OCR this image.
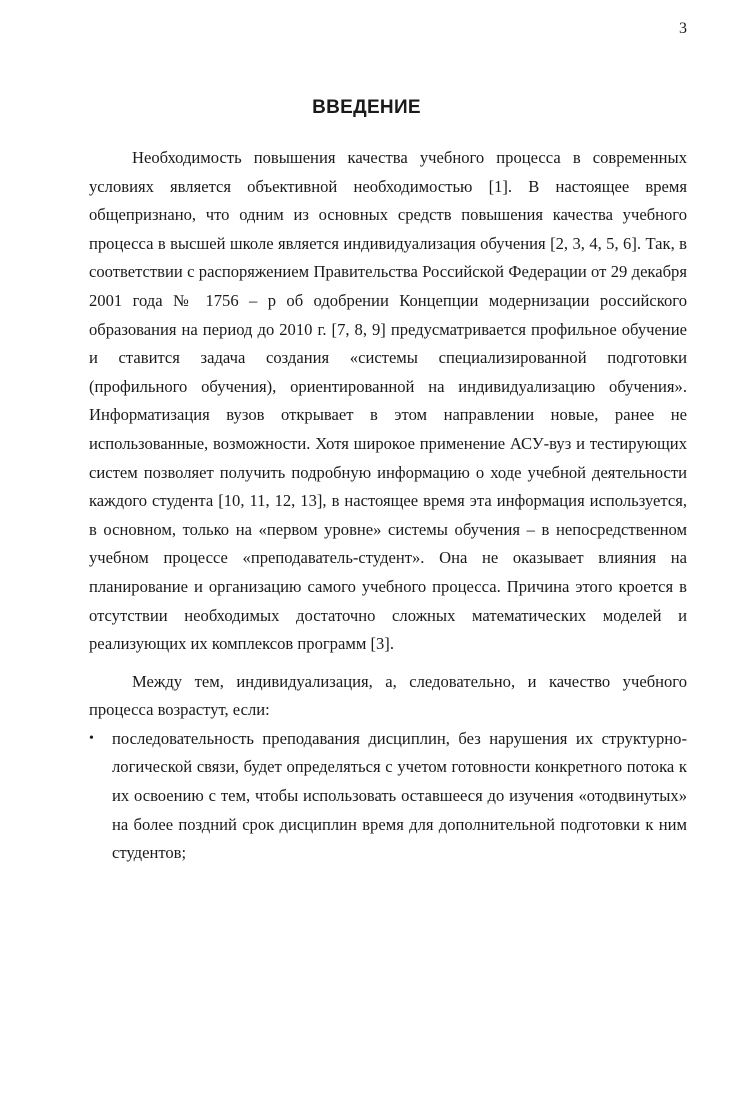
3
ВВЕДЕНИЕ

Необходимость повышения качества учебного процесса в современных условиях является объективной необходимостью [1]. В настоящее время общепризнано, что одним из основных средств повышения качества учебного процесса в высшей школе является индивидуализация обучения [2, 3, 4, 5, 6]. Так, в соответствии с распоряжением Правительства Российской Федерации от 29 декабря 2001 года № 1756 – р об одобрении Концепции модернизации российского образования на период до 2010 г. [7, 8, 9] предусматривается профильное обучение и ставится задача создания «системы специализированной подготовки (профильного обучения), ориентированной на индивидуализацию обучения». Информатизация вузов открывает в этом направлении новые, ранее не использованные, возможности. Хотя широкое применение АСУ-вуз и тестирующих систем позволяет получить подробную информацию о ходе учебной деятельности каждого студента [10, 11, 12, 13], в настоящее время эта информация используется, в основном, только на «первом уровне» системы обучения – в непосредственном учебном процессе «преподаватель-студент». Она не оказывает влияния на планирование и организацию самого учебного процесса. Причина этого кроется в отсутствии необходимых достаточно сложных математических моделей и реализующих их комплексов программ [3].

Между тем, индивидуализация, а, следовательно, и качество учебного процесса возрастут, если:

• последовательность преподавания дисциплин, без нарушения их структурно-логической связи, будет определяться с учетом готовности конкретного потока к их освоению с тем, чтобы использовать оставшееся до изучения «отодвинутых» на более поздний срок дисциплин время для дополнительной подготовки к ним студентов;
